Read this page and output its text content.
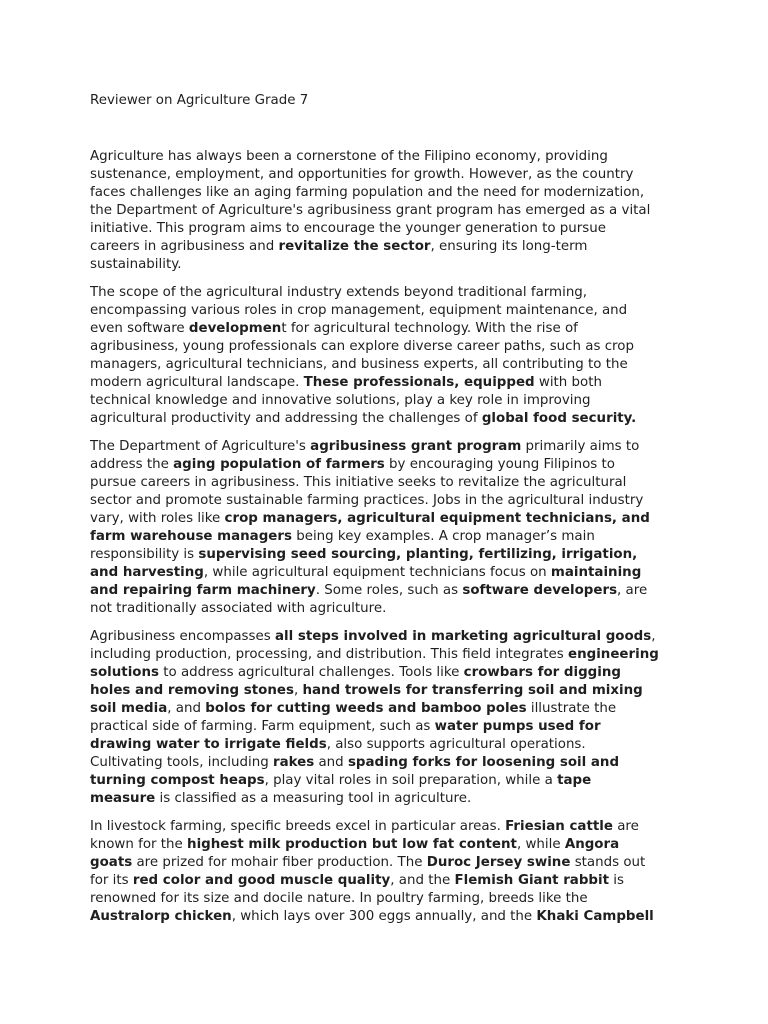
Reviewer on Agriculture Grade 7
Agriculture has always been a cornerstone of the Filipino economy, providing
sustenance, employment, and opportunities for growth. However, as the country
faces challenges like an aging farming population and the need for modernization,
the Department of Agriculture's agribusiness grant program has emerged as a vital
initiative. This program aims to encourage the younger generation to pursue
careers in agribusiness and revitalize the sector, ensuring its long-term
sustainability.
The scope of the agricultural industry extends beyond traditional farming,
encompassing various roles in crop management, equipment maintenance, and
even software development for agricultural technology. With the rise of
agribusiness, young professionals can explore diverse career paths, such as crop
managers, agricultural technicians, and business experts, all contributing to the
modern agricultural landscape. These professionals, equipped with both
technical knowledge and innovative solutions, play a key role in improving
agricultural productivity and addressing the challenges of global food security.
The Department of Agriculture's agribusiness grant program primarily aims to
address the aging population of farmers by encouraging young Filipinos to
pursue careers in agribusiness. This initiative seeks to revitalize the agricultural
sector and promote sustainable farming practices. Jobs in the agricultural industry
vary, with roles like crop managers, agricultural equipment technicians, and
farm warehouse managers being key examples. A crop manager’s main
responsibility is supervising seed sourcing, planting, fertilizing, irrigation,
and harvesting, while agricultural equipment technicians focus on maintaining
and repairing farm machinery. Some roles, such as software developers, are
not traditionally associated with agriculture.
Agribusiness encompasses all steps involved in marketing agricultural goods,
including production, processing, and distribution. This field integrates engineering
solutions to address agricultural challenges. Tools like crowbars for digging
holes and removing stones, hand trowels for transferring soil and mixing
soil media, and bolos for cutting weeds and bamboo poles illustrate the
practical side of farming. Farm equipment, such as water pumps used for
drawing water to irrigate fields, also supports agricultural operations.
Cultivating tools, including rakes and spading forks for loosening soil and
turning compost heaps, play vital roles in soil preparation, while a tape
measure is classified as a measuring tool in agriculture.
In livestock farming, specific breeds excel in particular areas. Friesian cattle are
known for the highest milk production but low fat content, while Angora
goats are prized for mohair fiber production. The Duroc Jersey swine stands out
for its red color and good muscle quality, and the Flemish Giant rabbit is
renowned for its size and docile nature. In poultry farming, breeds like the
Australorp chicken, which lays over 300 eggs annually, and the Khaki Campbell
